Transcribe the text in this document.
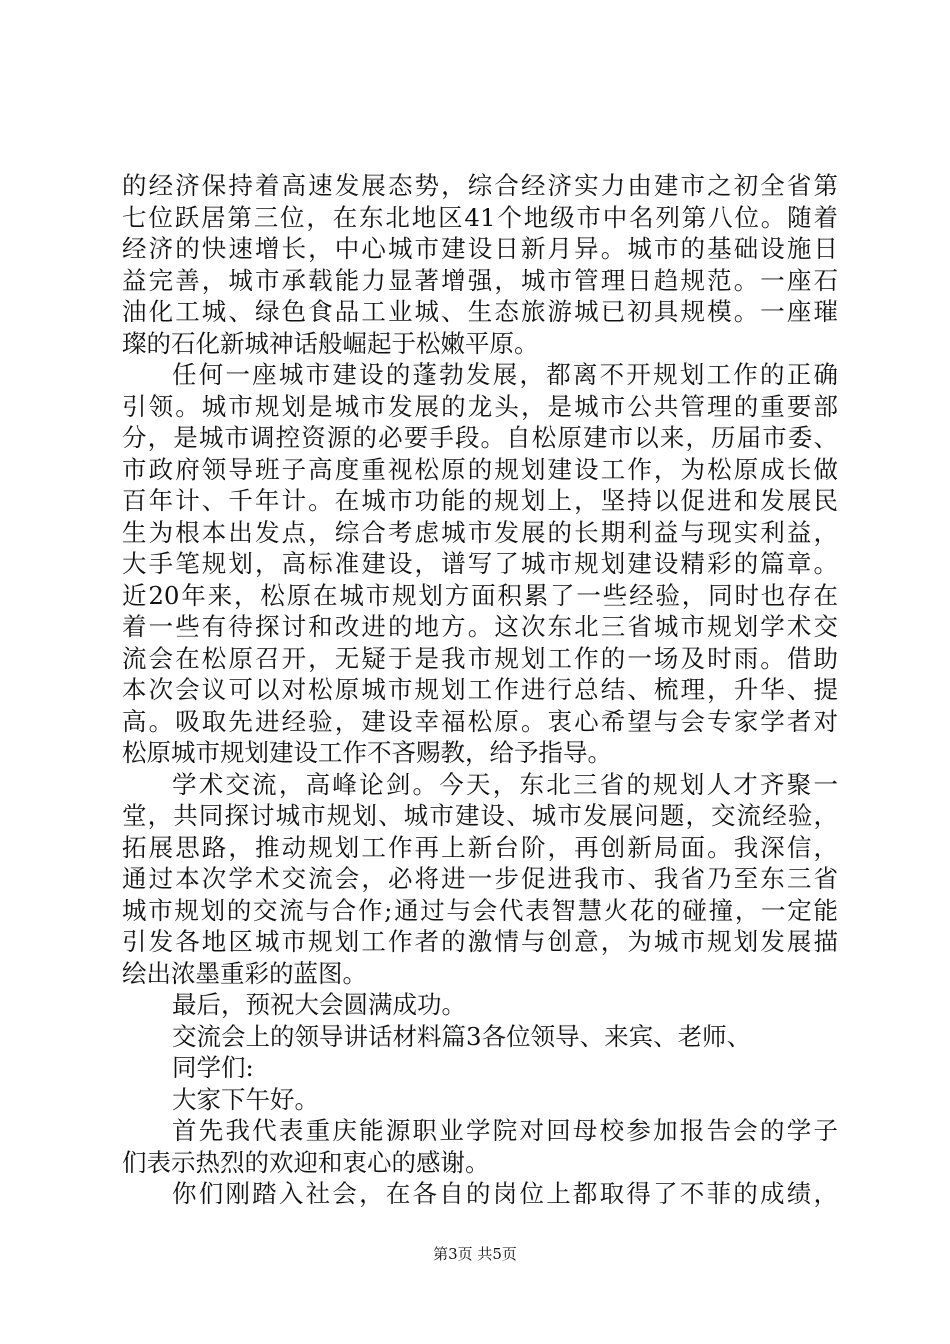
的经济保持着高速发展态势，综合经济实力由建市之初全省第
七位跃居第三位，在东北地区41个地级市中名列第八位。随着
经济的快速增长，中心城市建设日新月异。城市的基础设施日
益完善，城市承载能力显著增强，城市管理日趋规范。一座石
油化工城、绿色食品工业城、生态旅游城已初具规模。一座璀
璨的石化新城神话般崛起于松嫩平原。
任何一座城市建设的蓬勃发展，都离不开规划工作的正确
引领。城市规划是城市发展的龙头，是城市公共管理的重要部
分，是城市调控资源的必要手段。自松原建市以来，历届市委、
市政府领导班子高度重视松原的规划建设工作，为松原成长做
百年计、千年计。在城市功能的规划上，坚持以促进和发展民
生为根本出发点，综合考虑城市发展的长期利益与现实利益，
大手笔规划，高标准建设，谱写了城市规划建设精彩的篇章。
近20年来，松原在城市规划方面积累了一些经验，同时也存在
着一些有待探讨和改进的地方。这次东北三省城市规划学术交
流会在松原召开，无疑于是我市规划工作的一场及时雨。借助
本次会议可以对松原城市规划工作进行总结、梳理，升华、提
高。吸取先进经验，建设幸福松原。衷心希望与会专家学者对
松原城市规划建设工作不吝赐教，给予指导。
学术交流，高峰论剑。今天，东北三省的规划人才齐聚一
堂，共同探讨城市规划、城市建设、城市发展问题，交流经验，
拓展思路，推动规划工作再上新台阶，再创新局面。我深信，
通过本次学术交流会，必将进一步促进我市、我省乃至东三省
城市规划的交流与合作;通过与会代表智慧火花的碰撞，一定能
引发各地区城市规划工作者的激情与创意，为城市规划发展描
绘出浓墨重彩的蓝图。
最后，预祝大会圆满成功。
交流会上的领导讲话材料篇3各位领导、来宾、老师、
同学们:
大家下午好。
首先我代表重庆能源职业学院对回母校参加报告会的学子
们表示热烈的欢迎和衷心的感谢。
你们刚踏入社会，在各自的岗位上都取得了不菲的成绩，
第3页 共5页
